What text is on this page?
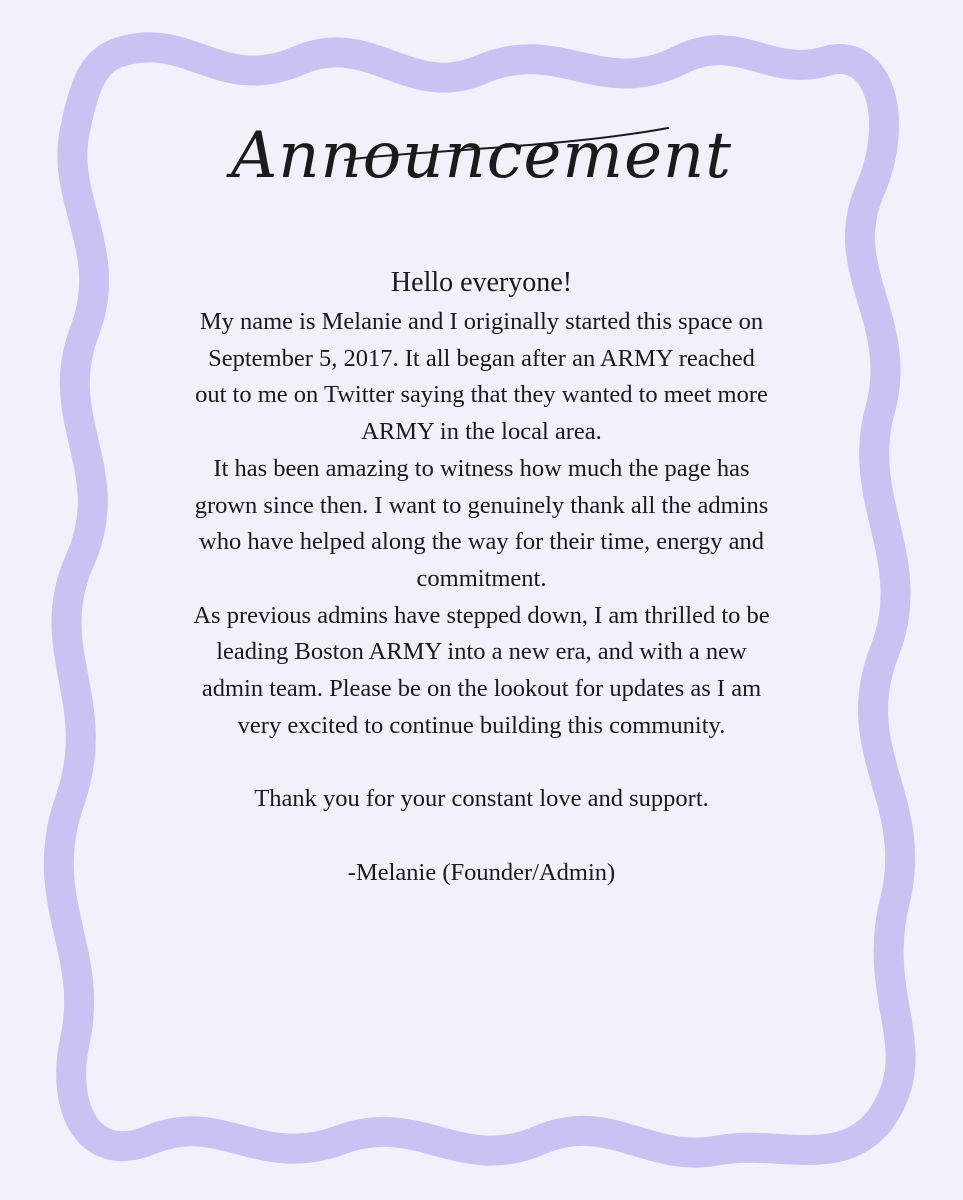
Announcement

Hello everyone!

My name is Melanie and I originally started this space on September 5, 2017. It all began after an ARMY reached out to me on Twitter saying that they wanted to meet more ARMY in the local area.

It has been amazing to witness how much the page has grown since then. I want to genuinely thank all the admins who have helped along the way for their time, energy and commitment.

As previous admins have stepped down, I am thrilled to be leading Boston ARMY into a new era, and with a new admin team. Please be on the lookout for updates as I am very excited to continue building this community.

Thank you for your constant love and support.

-Melanie (Founder/Admin)
